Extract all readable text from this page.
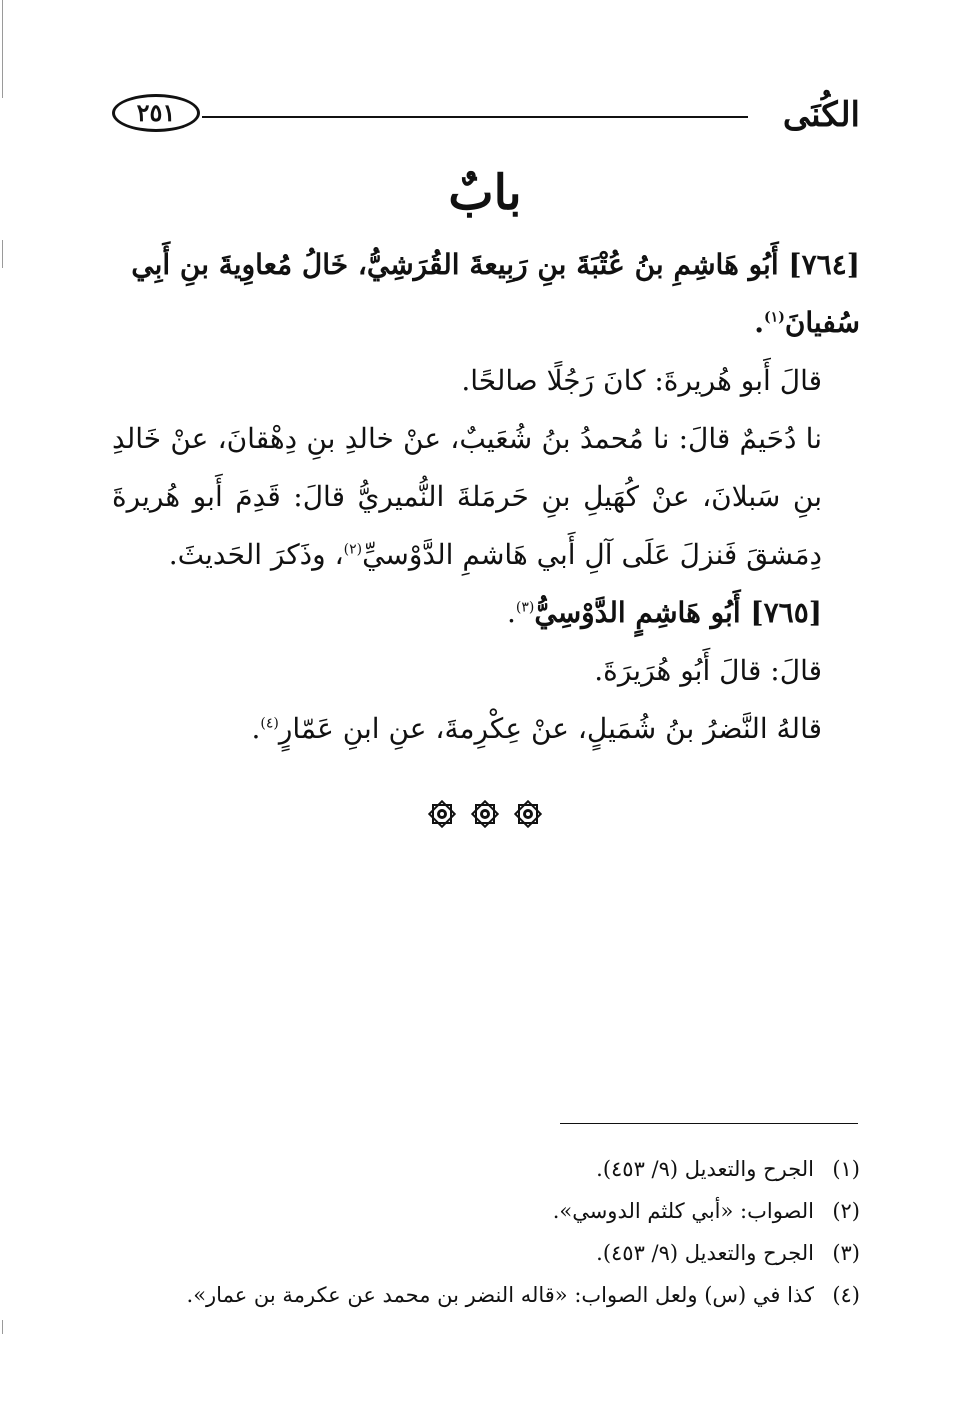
الكُنَى
٢٥١
بابٌ

[٧٦٤] أَبُو هَاشِمِ بنُ عُتْبَةَ بنِ رَبِيعةَ القُرَشِيُّ، خَالُ مُعاوِيةَ بنِ أَبِي
سُفيانَ$^{(١)}$.

قالَ أَبو هُريرةَ: كانَ رَجُلًا صالحًا.

نا دُحَيمٌ قالَ: نا مُحمدُ بنُ شُعَيبٌ، عنْ خالدِ بنِ دِهْقانَ، عنْ خَالدِ بنِ سَبلانَ، عنْ كُهَيلِ بنِ حَرمَلةَ النُّميريُّ قالَ: قَدِمَ أَبو هُريرةَ دِمَشقَ فَنزلَ عَلَى آلِ أَبي هَاشمِ الدَّوْسيِّ$^{(٢)}$، وذَكرَ الحَديثَ.

[٧٦٥] أَبُو هَاشِمٍ الدَّوْسِيُّ$^{(٣)}$.

قالَ: قالَ أَبُو هُرَيرَةَ.

قالهُ النَّضرُ بنُ شُمَيلٍ، عنْ عِكْرِمةَ، عنِ ابنِ عَمّارٍ$^{(٤)}$.

(١)الجرح والتعديل (٩/ ٤٥٣).

(٢)الصواب: «أبي كلثم الدوسي».

(٣)الجرح والتعديل (٩/ ٤٥٣).

(٤)كذا في (س) ولعل الصواب: «قاله النضر بن محمد عن عكرمة بن عمار».
